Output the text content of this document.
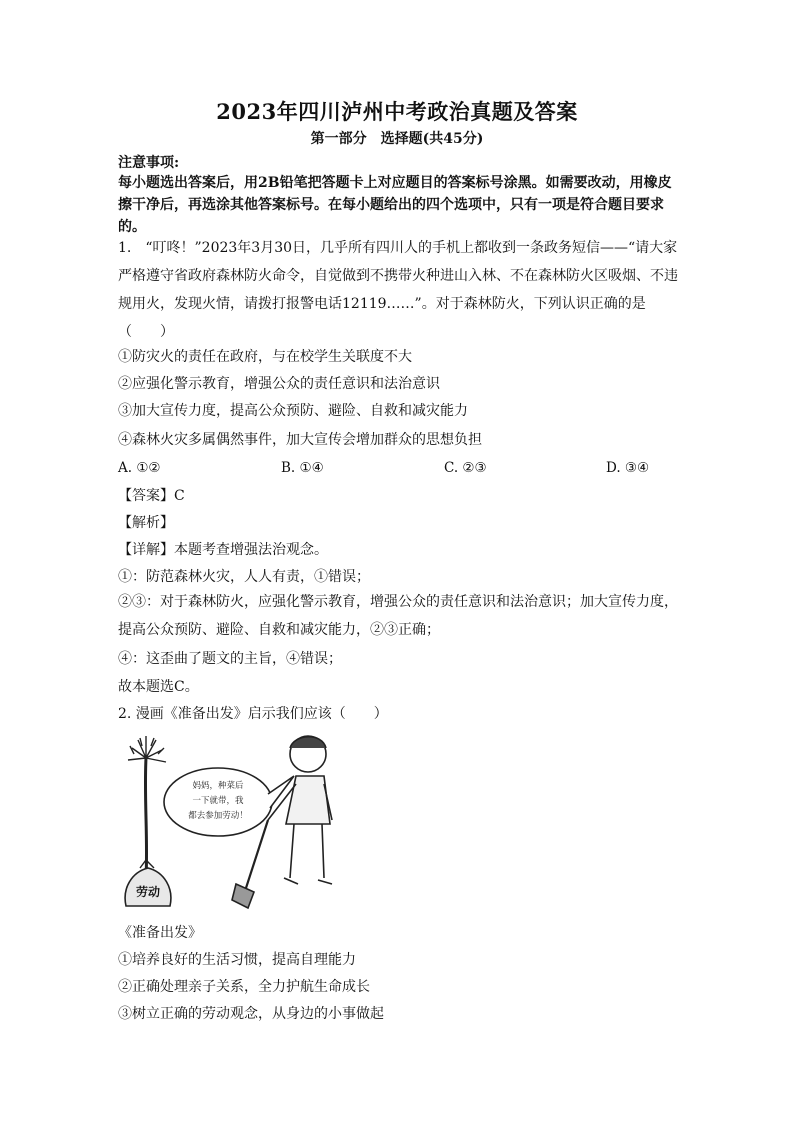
2023年四川泸州中考政治真题及答案
第一部分　选择题(共45分)
注意事项:
每小题选出答案后，用2B铅笔把答题卡上对应题目的答案标号涂黑。如需要改动，用橡皮擦干净后，再选涂其他答案标号。在每小题给出的四个选项中，只有一项是符合题目要求的。
1.　“叮咚！”2023年3月30日，几乎所有四川人的手机上都收到一条政务短信——“请大家严格遵守省政府森林防火命令，自觉做到不携带火种进山入林、不在森林防火区吸烟、不违规用火，发现火情，请拨打报警电话12119……”。对于森林防火，下列认识正确的是（　　）
①防灾火的责任在政府，与在校学生关联度不大
②应强化警示教育，增强公众的责任意识和法治意识
③加大宣传力度，提高公众预防、避险、自救和减灾能力
④森林火灾多属偶然事件，加大宣传会增加群众的思想负担
A. ①②	B. ①④	C. ②③	D. ③④
【答案】C
【解析】
【详解】本题考查增强法治观念。
①：防范森林火灾，人人有责，①错误；
②③：对于森林防火，应强化警示教育，增强公众的责任意识和法治意识；加大宣传力度，提高公众预防、避险、自救和减灾能力，②③正确；
④：这歪曲了题文的主旨，④错误；
故本题选C。
2. 漫画《准备出发》启示我们应该（　　）
劳动
妈妈，种菜后
一下就带，我
都去参加劳动！
《准备出发》
①培养良好的生活习惯，提高自理能力
②正确处理亲子关系，全力护航生命成长
③树立正确的劳动观念，从身边的小事做起
